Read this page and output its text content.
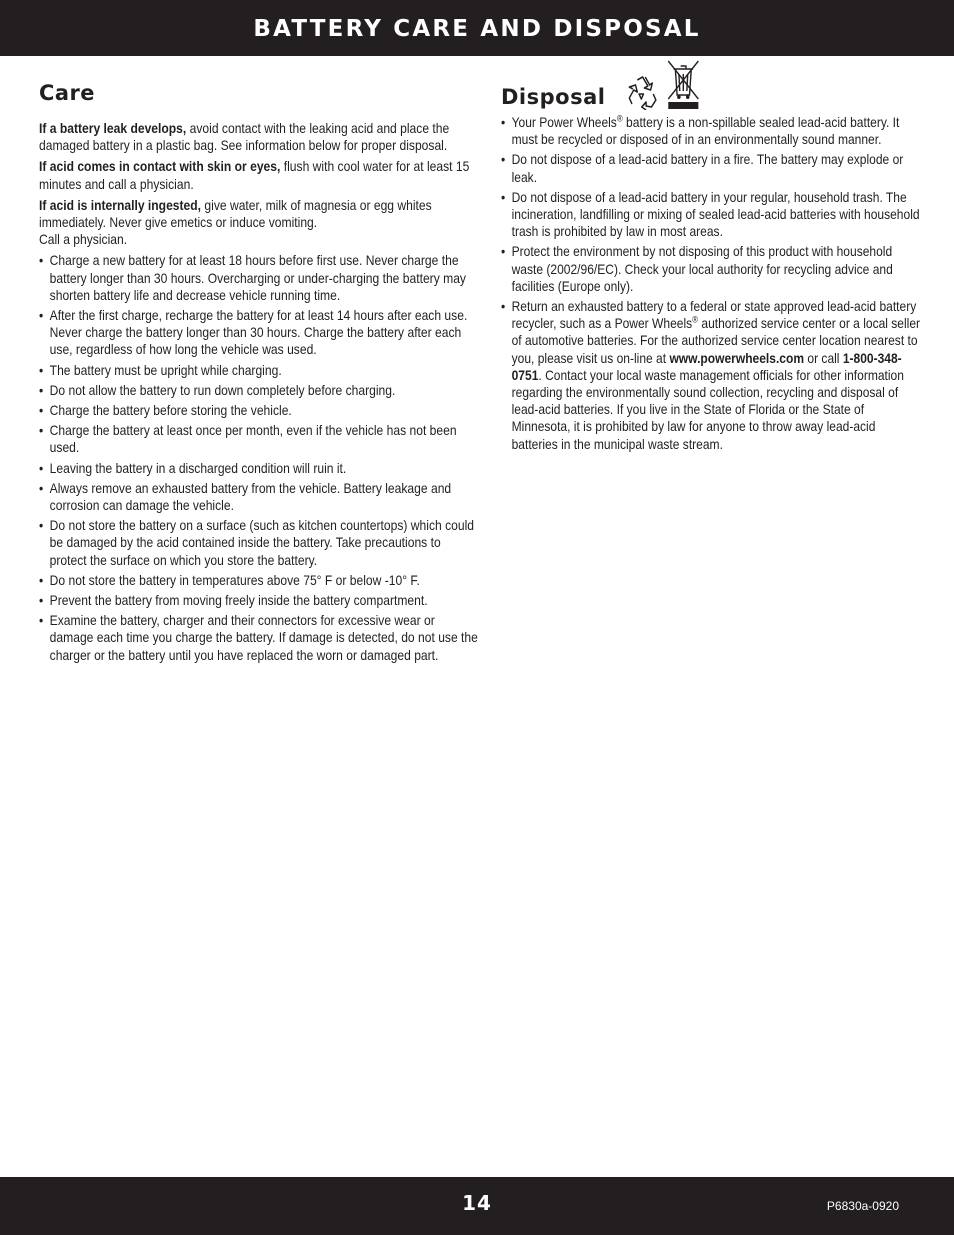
BATTERY CARE AND DISPOSAL
Care

If a battery leak develops, avoid contact with the leaking acid and place the damaged battery in a plastic bag. See information below for proper disposal.

If acid comes in contact with skin or eyes, flush with cool water for at least 15 minutes and call a physician.

If acid is internally ingested, give water, milk of magnesia or egg whites immediately. Never give emetics or induce vomiting.
Call a physician.

• Charge a new battery for at least 18 hours before first use. Never charge the battery longer than 30 hours. Overcharging or under-charging the battery may shorten battery life and decrease vehicle running time.
• After the first charge, recharge the battery for at least 14 hours after each use. Never charge the battery longer than 30 hours. Charge the battery after each use, regardless of how long the vehicle was used.
• The battery must be upright while charging.
• Do not allow the battery to run down completely before charging.
• Charge the battery before storing the vehicle.
• Charge the battery at least once per month, even if the vehicle has not been used.
• Leaving the battery in a discharged condition will ruin it.
• Always remove an exhausted battery from the vehicle. Battery leakage and corrosion can damage the vehicle.
• Do not store the battery on a surface (such as kitchen countertops) which could be damaged by the acid contained inside the battery. Take precautions to protect the surface on which you store the battery.
• Do not store the battery in temperatures above 75° F or below -10° F.
• Prevent the battery from moving freely inside the battery compartment.
• Examine the battery, charger and their connectors for excessive wear or damage each time you charge the battery. If damage is detected, do not use the charger or the battery until you have replaced the worn or damaged part.
Disposal
• Your Power Wheels® battery is a non-spillable sealed lead-acid battery. It must be recycled or disposed of in an environmentally sound manner.
• Do not dispose of a lead-acid battery in a fire. The battery may explode or leak.
• Do not dispose of a lead-acid battery in your regular, household trash. The incineration, landfilling or mixing of sealed lead-acid batteries with household trash is prohibited by law in most areas.
• Protect the environment by not disposing of this product with household waste (2002/96/EC). Check your local authority for recycling advice and facilities (Europe only).
• Return an exhausted battery to a federal or state approved lead-acid battery recycler, such as a Power Wheels® authorized service center or a local seller of automotive batteries. For the authorized service center location nearest to you, please visit us on-line at www.powerwheels.com or call 1-800-348-0751. Contact your local waste management officials for other information regarding the environmentally sound collection, recycling and disposal of lead-acid batteries. If you live in the State of Florida or the State of Minnesota, it is prohibited by law for anyone to throw away lead-acid batteries in the municipal waste stream.
14	P6830a-0920
